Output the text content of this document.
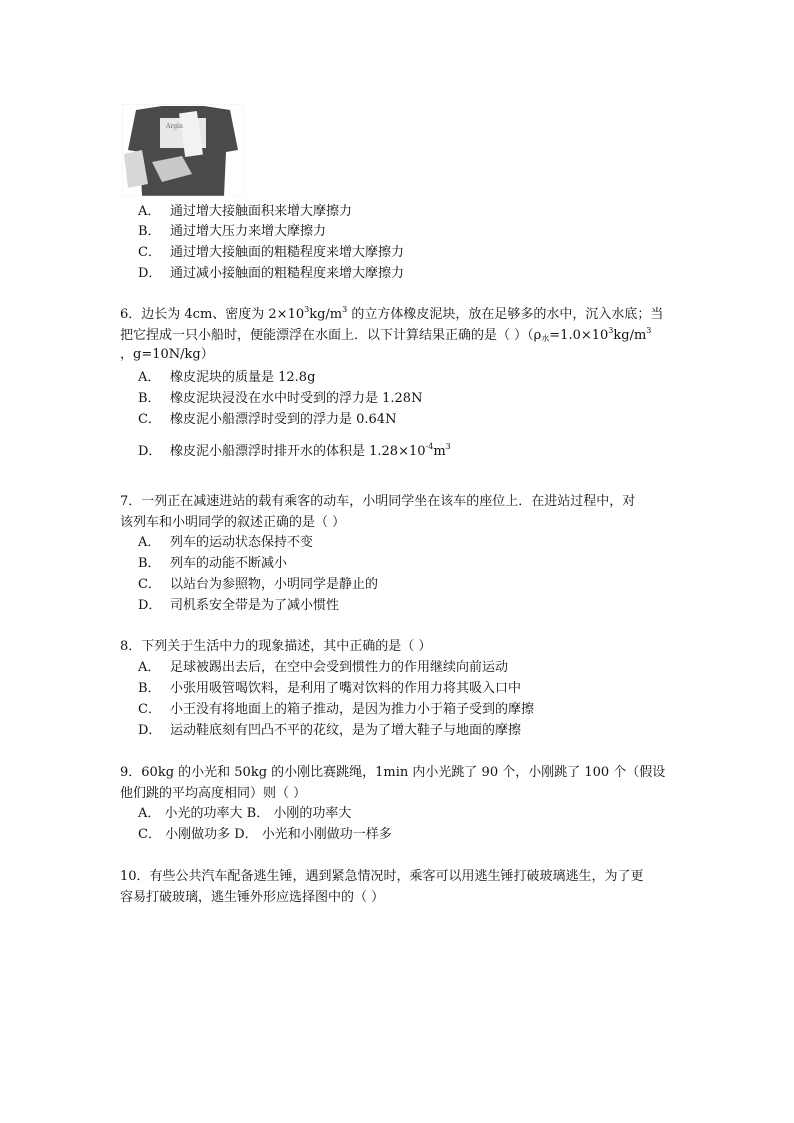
Argin
A． 通过增大接触面积来增大摩擦力
B． 通过增大压力来增大摩擦力
C． 通过增大接触面的粗糙程度来增大摩擦力
D． 通过减小接触面的粗糙程度来增大摩擦力
6．边长为 4cm、密度为 $2\times 10^3kg/m^3$ 的立方体橡皮泥块，放在足够多的水中，沉入水底；当
把它捏成一只小船时，便能漂浮在水面上．以下计算结果正确的是（ ）（$\rho_水=1.0\times 10^3kg/m^3$
，g=10N/kg）
A． 橡皮泥块的质量是 12.8g
B． 橡皮泥块浸没在水中时受到的浮力是 1.28N
C． 橡皮泥小船漂浮时受到的浮力是 0.64N
D． 橡皮泥小船漂浮时排开水的体积是 $1.28\times 10^{-4}m^3$
7．一列正在减速进站的载有乘客的动车，小明同学坐在该车的座位上．在进站过程中，对
该列车和小明同学的叙述正确的是（ ）
A． 列车的运动状态保持不变
B． 列车的动能不断减小
C． 以站台为参照物，小明同学是静止的
D． 司机系安全带是为了减小惯性
8．下列关于生活中力的现象描述，其中正确的是（ ）
A． 足球被踢出去后，在空中会受到惯性力的作用继续向前运动
B． 小张用吸管喝饮料，是利用了嘴对饮料的作用力将其吸入口中
C． 小王没有将地面上的箱子推动，是因为推力小于箱子受到的摩擦
D． 运动鞋底刻有凹凸不平的花纹，是为了增大鞋子与地面的摩擦
9．60kg 的小光和 50kg 的小刚比赛跳绳，1min 内小光跳了 90 个，小刚跳了 100 个（假设
他们跳的平均高度相同）则（ ）
A． 小光的功率大 B． 小刚的功率大
C． 小刚做功多 D． 小光和小刚做功一样多
10．有些公共汽车配备逃生锤，遇到紧急情况时，乘客可以用逃生锤打破玻璃逃生，为了更
容易打破玻璃，逃生锤外形应选择图中的（ ）
